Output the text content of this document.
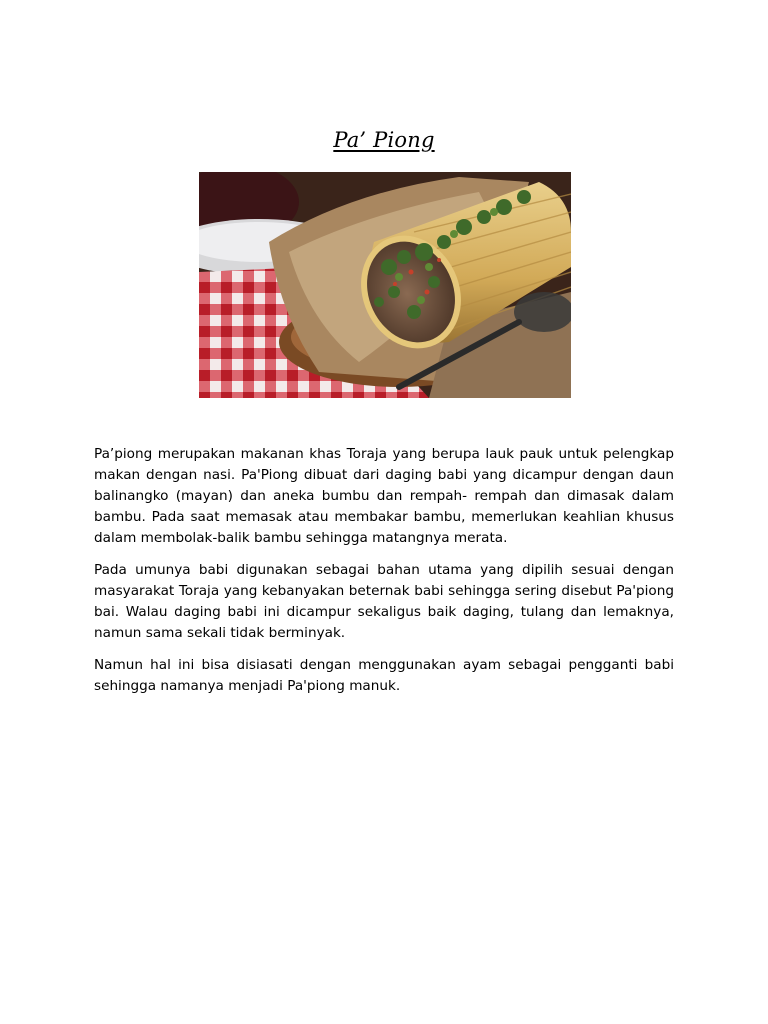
Pa’ Piong

Pa’piong merupakan makanan khas Toraja yang berupa lauk pauk untuk pelengkap makan dengan nasi. Pa'Piong dibuat dari daging babi yang dicampur dengan daun balinangko (mayan) dan aneka bumbu dan rempah- rempah dan dimasak dalam bambu. Pada saat memasak atau membakar bambu, memerlukan keahlian khusus dalam membolak-balik bambu sehingga matangnya merata.

Pada umunya babi digunakan sebagai bahan utama yang dipilih sesuai dengan masyarakat Toraja yang kebanyakan beternak babi sehingga sering disebut Pa'piong bai. Walau daging babi ini dicampur sekaligus baik daging, tulang dan lemaknya, namun sama sekali tidak berminyak.

Namun hal ini bisa disiasati dengan menggunakan ayam sebagai pengganti babi sehingga namanya menjadi Pa'piong manuk.
